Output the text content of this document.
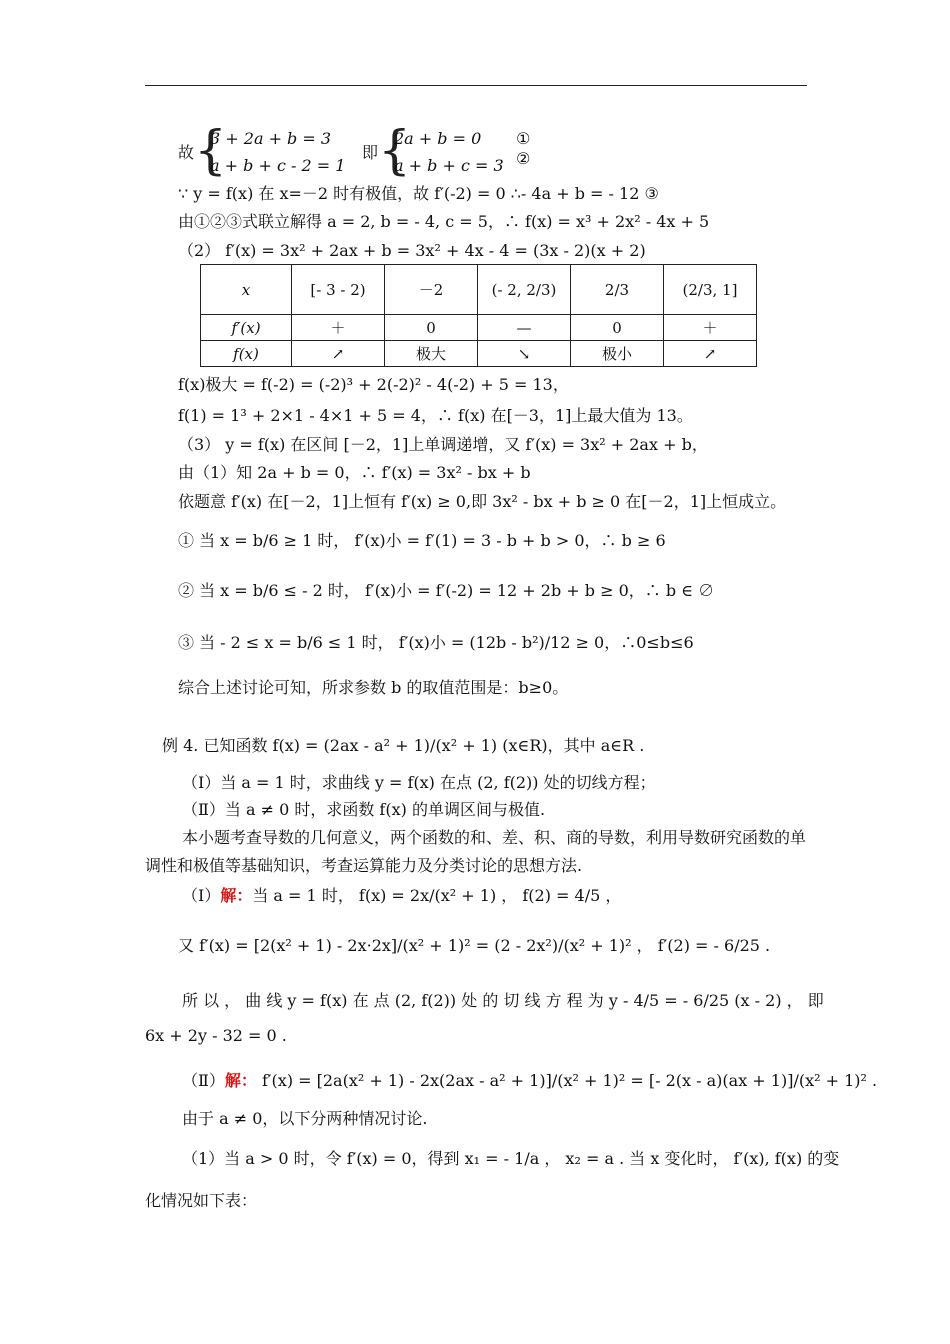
故 {
3 + 2a + b = 3
a + b + c - 2 = 1
即 {
2a + b = 0
a + b + c = 3
①
②
∵ y = f(x) 在 x=－2 时有极值，故 f′(-2) = 0 ∴- 4a + b = - 12 ③
由①②③式联立解得 a = 2, b = - 4, c = 5，∴ f(x) = x³ + 2x² - 4x + 5
（2） f′(x) = 3x² + 2ax + b = 3x² + 4x - 4 = (3x - 2)(x + 2)
x	[- 3 - 2)	－2	(- 2, 2/3)	2/3	(2/3, 1]
f′(x)	＋	0	—	0	＋
f(x)	↗	极大	↘	极小	↗
f(x)极大 = f(-2) = (-2)³ + 2(-2)² - 4(-2) + 5 = 13，
f(1) = 1³ + 2×1 - 4×1 + 5 = 4，∴ f(x) 在[－3，1]上最大值为 13。
（3） y = f(x) 在区间 [－2，1]上单调递增，又 f′(x) = 3x² + 2ax + b，
由（1）知 2a + b = 0，∴ f′(x) = 3x² - bx + b
依题意 f′(x) 在[－2，1]上恒有 f′(x) ≥ 0,即 3x² - bx + b ≥ 0 在[－2，1]上恒成立。
① 当 x = b/6 ≥ 1 时， f′(x)小 = f′(1) = 3 - b + b > 0，∴ b ≥ 6
② 当 x = b/6 ≤ - 2 时， f′(x)小 = f′(-2) = 12 + 2b + b ≥ 0，∴ b ∈ ∅
③ 当 - 2 ≤ x = b/6 ≤ 1 时， f′(x)小 = (12b - b²)/12 ≥ 0，∴0≤b≤6
综合上述讨论可知，所求参数 b 的取值范围是：b≥0。
例 4. 已知函数 f(x) = (2ax - a² + 1)/(x² + 1) (x∈R)，其中 a∈R .
（Ⅰ）当 a = 1 时，求曲线 y = f(x) 在点 (2, f(2)) 处的切线方程；
（Ⅱ）当 a ≠ 0 时，求函数 f(x) 的单调区间与极值.
本小题考查导数的几何意义，两个函数的和、差、积、商的导数，利用导数研究函数的单
调性和极值等基础知识，考查运算能力及分类讨论的思想方法.
（Ⅰ）解：当 a = 1 时， f(x) = 2x/(x² + 1) ， f(2) = 4/5 ，
又 f′(x) = [2(x² + 1) - 2x·2x]/(x² + 1)² = (2 - 2x²)/(x² + 1)² ， f′(2) = - 6/25 .
所 以 ， 曲 线 y = f(x) 在 点 (2, f(2)) 处 的 切 线 方 程 为 y - 4/5 = - 6/25 (x - 2) ， 即
6x + 2y - 32 = 0 .
（Ⅱ）解： f′(x) = [2a(x² + 1) - 2x(2ax - a² + 1)]/(x² + 1)² = [- 2(x - a)(ax + 1)]/(x² + 1)² .
由于 a ≠ 0，以下分两种情况讨论.
（1）当 a > 0 时，令 f′(x) = 0，得到 x₁ = - 1/a ， x₂ = a . 当 x 变化时， f′(x), f(x) 的变
化情况如下表：
